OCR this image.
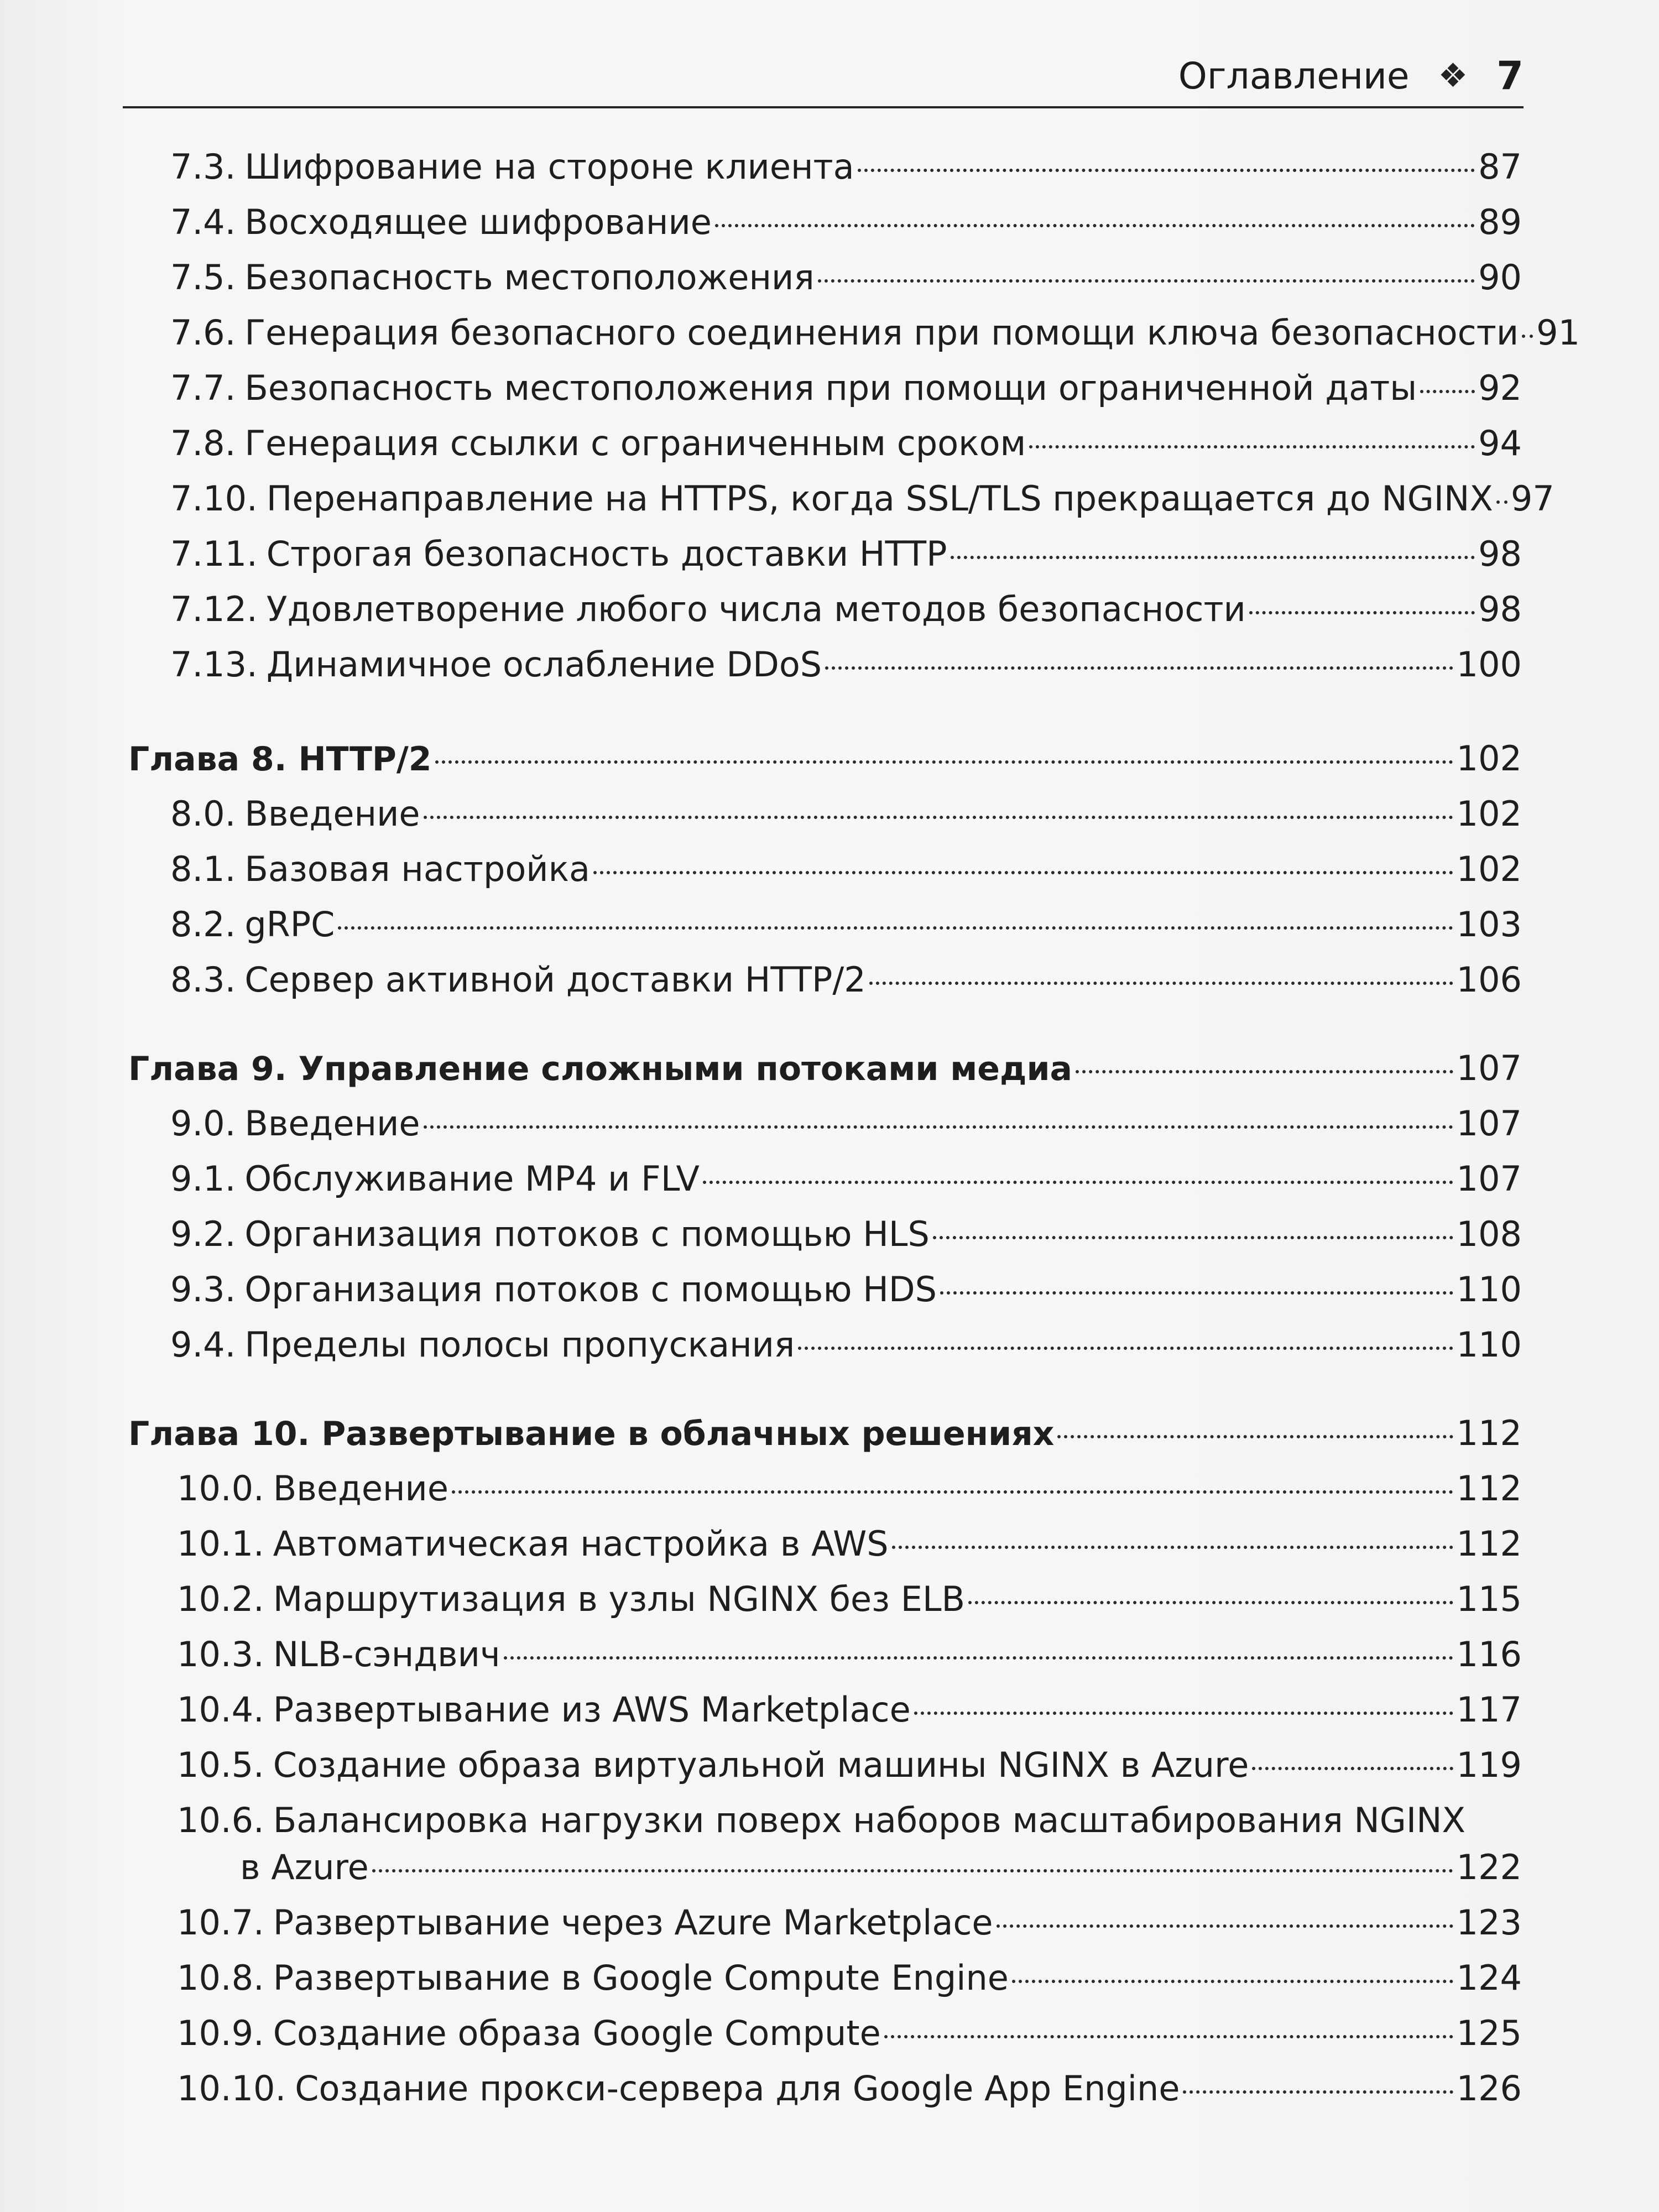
Оглавление ❖ 7
7.3. Шифрование на стороне клиента	87
7.4. Восходящее шифрование	89
7.5. Безопасность местоположения	90
7.6. Генерация безопасного соединения при помощи ключа безопасности 91
7.7. Безопасность местоположения при помощи ограниченной даты 92
7.8. Генерация ссылки с ограниченным сроком	94
7.10. Перенаправление на HTTPS, когда SSL/TLS прекращается до NGINX 97
7.11. Строгая безопасность доставки HTTP	98
7.12. Удовлетворение любого числа методов безопасности	98
7.13. Динамичное ослабление DDoS	100
Глава 8. HTTP/2	102
8.0. Введение	102
8.1. Базовая настройка	102
8.2. gRPC	103
8.3. Сервер активной доставки HTTP/2	106
Глава 9. Управление сложными потоками медиа	107
9.0. Введение	107
9.1. Обслуживание MP4 и FLV	107
9.2. Организация потоков с помощью HLS	108
9.3. Организация потоков с помощью HDS	110
9.4. Пределы полосы пропускания	110
Глава 10. Развертывание в облачных решениях	112
10.0. Введение	112
10.1. Автоматическая настройка в AWS	112
10.2. Маршрутизация в узлы NGINX без ELB	115
10.3. NLB-сэндвич	116
10.4. Развертывание из AWS Marketplace	117
10.5. Создание образа виртуальной машины NGINX в Azure	119
10.6. Балансировка нагрузки поверх наборов масштабирования NGINX
в Azure	122
10.7. Развертывание через Azure Marketplace	123
10.8. Развертывание в Google Compute Engine	124
10.9. Создание образа Google Compute	125
10.10. Создание прокси-сервера для Google App Engine	126
